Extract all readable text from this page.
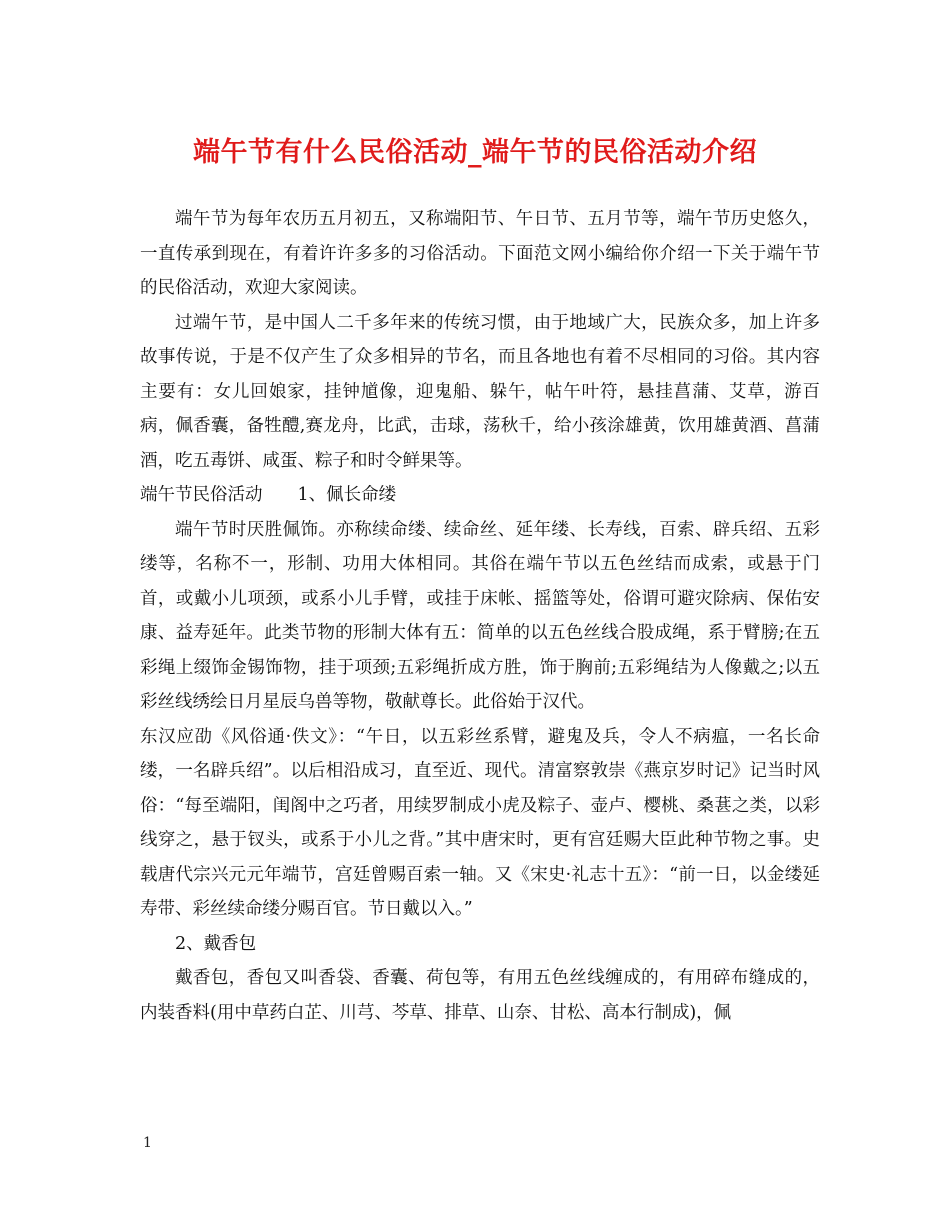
端午节有什么民俗活动_端午节的民俗活动介绍

端午节为每年农历五月初五，又称端阳节、午日节、五月节等，端午节历史悠久，一直传承到现在，有着许许多多的习俗活动。下面范文网小编给你介绍一下关于端午节的民俗活动，欢迎大家阅读。

过端午节，是中国人二千多年来的传统习惯，由于地域广大，民族众多，加上许多故事传说，于是不仅产生了众多相异的节名，而且各地也有着不尽相同的习俗。其内容主要有：女儿回娘家，挂钟馗像，迎鬼船、躲午，帖午叶符，悬挂菖蒲、艾草，游百病，佩香囊，备牲醴,赛龙舟，比武，击球，荡秋千，给小孩涂雄黄，饮用雄黄酒、菖蒲酒，吃五毒饼、咸蛋、粽子和时令鲜果等。

端午节民俗活动　　1、佩长命缕

端午节时厌胜佩饰。亦称续命缕、续命丝、延年缕、长寿线，百索、辟兵绍、五彩缕等，名称不一，形制、功用大体相同。其俗在端午节以五色丝结而成索，或悬于门首，或戴小儿项颈，或系小儿手臂，或挂于床帐、摇篮等处，俗谓可避灾除病、保佑安康、益寿延年。此类节物的形制大体有五：简单的以五色丝线合股成绳，系于臂膀;在五彩绳上缀饰金锡饰物，挂于项颈;五彩绳折成方胜，饰于胸前;五彩绳结为人像戴之;以五彩丝线绣绘日月星辰乌兽等物，敬献尊长。此俗始于汉代。

东汉应劭《风俗通·佚文》：“午日，以五彩丝系臂，避鬼及兵，令人不病瘟，一名长命缕，一名辟兵绍”。以后相沿成习，直至近、现代。清富察敦崇《燕京岁时记》记当时风俗：“每至端阳，闺阁中之巧者，用续罗制成小虎及粽子、壶卢、樱桃、桑葚之类，以彩线穿之，悬于钗头，或系于小儿之背。”其中唐宋时，更有宫廷赐大臣此种节物之事。史载唐代宗兴元元年端节，宫廷曾赐百索一轴。又《宋史·礼志十五》：“前一日，以金缕延寿带、彩丝续命缕分赐百官。节日戴以入。”

2、戴香包

戴香包，香包又叫香袋、香囊、荷包等，有用五色丝线缠成的，有用碎布缝成的，内装香料(用中草药白芷、川芎、芩草、排草、山奈、甘松、高本行制成)，佩

1
